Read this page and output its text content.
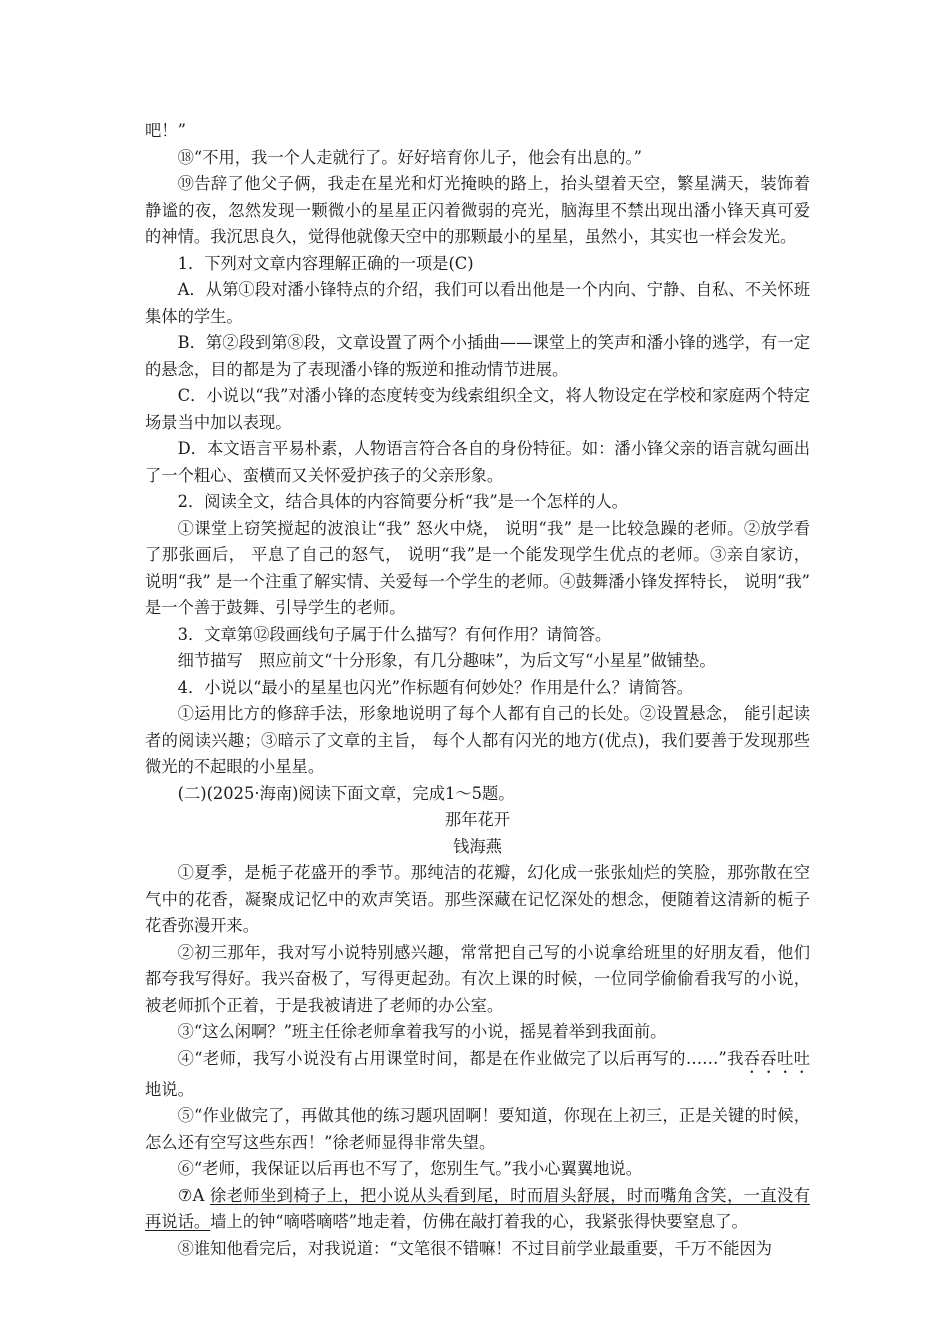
吧！”

⑱“不用，我一个人走就行了。好好培育你儿子，他会有出息的。”

⑲告辞了他父子俩，我走在星光和灯光掩映的路上，抬头望着天空，繁星满天，装饰着静谧的夜，忽然发现一颗微小的星星正闪着微弱的亮光，脑海里不禁出现出潘小锋天真可爱的神情。我沉思良久，觉得他就像天空中的那颗最小的星星，虽然小，其实也一样会发光。

1．下列对文章内容理解正确的一项是(C)

A．从第①段对潘小锋特点的介绍，我们可以看出他是一个内向、宁静、自私、不关怀班集体的学生。

B．第②段到第⑧段，文章设置了两个小插曲——课堂上的笑声和潘小锋的逃学，有一定的悬念，目的都是为了表现潘小锋的叛逆和推动情节进展。

C．小说以“我”对潘小锋的态度转变为线索组织全文，将人物设定在学校和家庭两个特定场景当中加以表现。

D．本文语言平易朴素，人物语言符合各自的身份特征。如：潘小锋父亲的语言就勾画出了一个粗心、蛮横而又关怀爱护孩子的父亲形象。

2．阅读全文，结合具体的内容简要分析“我”是一个怎样的人。

①课堂上窃笑搅起的波浪让“我” 怒火中烧， 说明“我” 是一比较急躁的老师。②放学看了那张画后， 平息了自己的怒气， 说明“我”是一个能发现学生优点的老师。③亲自家访， 说明“我” 是一个注重了解实情、关爱每一个学生的老师。④鼓舞潘小锋发挥特长， 说明“我” 是一个善于鼓舞、引导学生的老师。

3．文章第⑫段画线句子属于什么描写？有何作用？请简答。

细节描写　照应前文“十分形象，有几分趣味”，为后文写“小星星”做铺垫。

4．小说以“最小的星星也闪光”作标题有何妙处？作用是什么？请简答。

①运用比方的修辞手法，形象地说明了每个人都有自己的长处。②设置悬念， 能引起读者的阅读兴趣；③暗示了文章的主旨， 每个人都有闪光的地方(优点)，我们要善于发现那些微光的不起眼的小星星。

(二)(2025·海南)阅读下面文章，完成1～5题。

那年花开

钱海燕

①夏季，是栀子花盛开的季节。那纯洁的花瓣，幻化成一张张灿烂的笑脸，那弥散在空气中的花香，凝聚成记忆中的欢声笑语。那些深藏在记忆深处的想念，便随着这清新的栀子花香弥漫开来。

②初三那年，我对写小说特别感兴趣，常常把自己写的小说拿给班里的好朋友看，他们都夸我写得好。我兴奋极了，写得更起劲。有次上课的时候，一位同学偷偷看我写的小说，被老师抓个正着，于是我被请进了老师的办公室。

③“这么闲啊？”班主任徐老师拿着我写的小说，摇晃着举到我面前。

④“老师，我写小说没有占用课堂时间，都是在作业做完了以后再写的……”我吞吞吐吐地说。

⑤“作业做完了，再做其他的练习题巩固啊！要知道，你现在上初三，正是关键的时候，怎么还有空写这些东西！”徐老师显得非常失望。

⑥“老师，我保证以后再也不写了，您别生气。”我小心翼翼地说。

⑦A 徐老师坐到椅子上，把小说从头看到尾，时而眉头舒展，时而嘴角含笑，一直没有再说话。墙上的钟“嘀嗒嘀嗒”地走着，仿佛在敲打着我的心，我紧张得快要窒息了。

⑧谁知他看完后，对我说道：“文笔很不错嘛！不过目前学业最重要，千万不能因为
